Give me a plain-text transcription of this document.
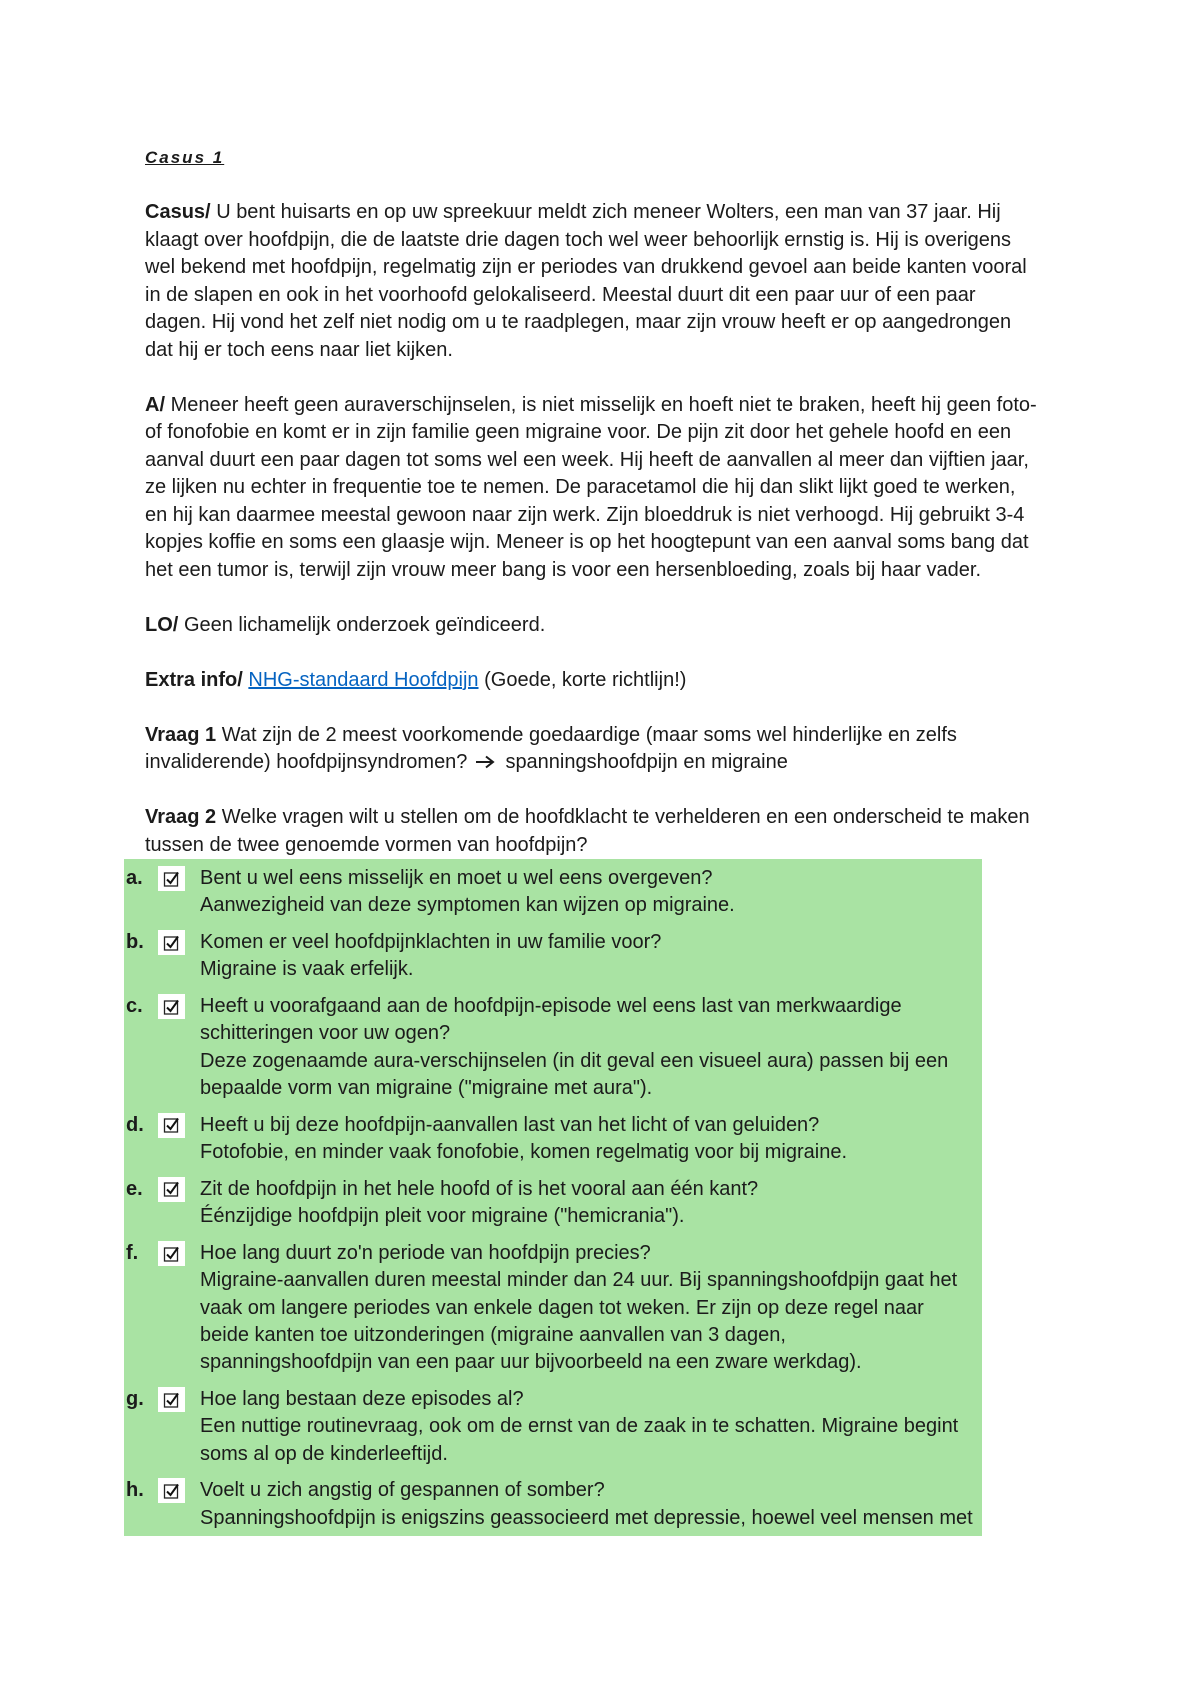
Casus 1
Casus/ U bent huisarts en op uw spreekuur meldt zich meneer Wolters, een man van 37 jaar. Hij
klaagt over hoofdpijn, die de laatste drie dagen toch wel weer behoorlijk ernstig is. Hij is overigens
wel bekend met hoofdpijn, regelmatig zijn er periodes van drukkend gevoel aan beide kanten vooral
in de slapen en ook in het voorhoofd gelokaliseerd. Meestal duurt dit een paar uur of een paar
dagen. Hij vond het zelf niet nodig om u te raadplegen, maar zijn vrouw heeft er op aangedrongen
dat hij er toch eens naar liet kijken.
A/ Meneer heeft geen auraverschijnselen, is niet misselijk en hoeft niet te braken, heeft hij geen foto-
of fonofobie en komt er in zijn familie geen migraine voor. De pijn zit door het gehele hoofd en een
aanval duurt een paar dagen tot soms wel een week. Hij heeft de aanvallen al meer dan vijftien jaar,
ze lijken nu echter in frequentie toe te nemen. De paracetamol die hij dan slikt lijkt goed te werken,
en hij kan daarmee meestal gewoon naar zijn werk. Zijn bloeddruk is niet verhoogd. Hij gebruikt 3-4
kopjes koffie en soms een glaasje wijn. Meneer is op het hoogtepunt van een aanval soms bang dat
het een tumor is, terwijl zijn vrouw meer bang is voor een hersenbloeding, zoals bij haar vader.
LO/ Geen lichamelijk onderzoek geïndiceerd.
Extra info/ NHG-standaard Hoofdpijn (Goede, korte richtlijn!)
Vraag 1 Wat zijn de 2 meest voorkomende goedaardige (maar soms wel hinderlijke en zelfs
invaliderende) hoofdpijnsyndromen? spanningshoofdpijn en migraine
Vraag 2 Welke vragen wilt u stellen om de hoofdklacht te verhelderen en een onderscheid te maken
tussen de twee genoemde vormen van hoofdpijn?
a.	Bent u wel eens misselijk en moet u wel eens overgeven?
Aanwezigheid van deze symptomen kan wijzen op migraine.
b.	Komen er veel hoofdpijnklachten in uw familie voor?
Migraine is vaak erfelijk.
c.	Heeft u voorafgaand aan de hoofdpijn-episode wel eens last van merkwaardige
schitteringen voor uw ogen?
Deze zogenaamde aura-verschijnselen (in dit geval een visueel aura) passen bij een
bepaalde vorm van migraine ("migraine met aura").
d.	Heeft u bij deze hoofdpijn-aanvallen last van het licht of van geluiden?
Fotofobie, en minder vaak fonofobie, komen regelmatig voor bij migraine.
e.	Zit de hoofdpijn in het hele hoofd of is het vooral aan één kant?
Éénzijdige hoofdpijn pleit voor migraine ("hemicrania").
f.	Hoe lang duurt zo'n periode van hoofdpijn precies?
Migraine-aanvallen duren meestal minder dan 24 uur. Bij spanningshoofdpijn gaat het
vaak om langere periodes van enkele dagen tot weken. Er zijn op deze regel naar
beide kanten toe uitzonderingen (migraine aanvallen van 3 dagen,
spanningshoofdpijn van een paar uur bijvoorbeeld na een zware werkdag).
g.	Hoe lang bestaan deze episodes al?
Een nuttige routinevraag, ook om de ernst van de zaak in te schatten. Migraine begint
soms al op de kinderleeftijd.
h.	Voelt u zich angstig of gespannen of somber?
Spanningshoofdpijn is enigszins geassocieerd met depressie, hoewel veel mensen met
